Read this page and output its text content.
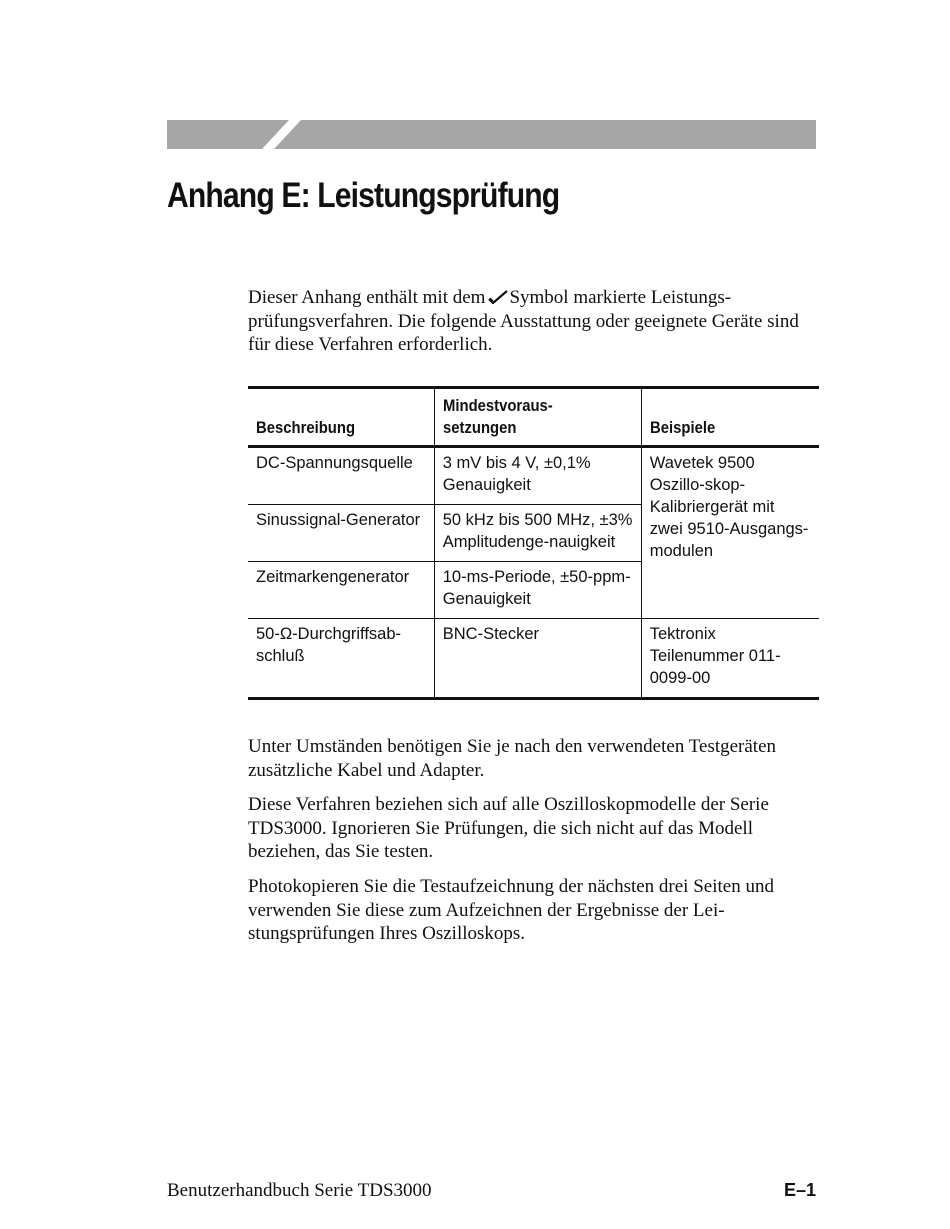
Anhang E: Leistungsprüfung

Dieser Anhang enthält mit dem Symbol markierte Leistungs-prüfungsverfahren. Die folgende Ausstattung oder geeignete Geräte sind für diese Verfahren erforderlich.

Beschreibung	Mindestvoraus-setzungen	Beispiele
DC-Spannungsquelle	3 mV bis 4 V, ±0,1% Genauigkeit	Wavetek 9500 Oszillo-skop-Kalibriergerät mit zwei 9510-Ausgangs-modulen
Sinussignal-Generator	50 kHz bis 500 MHz, ±3% Amplitudenge-nauigkeit	
Zeitmarkengenerator	10-ms-Periode, ±50-ppm-Genauigkeit	
50-Ω-Durchgriffsab-schluß	BNC-Stecker	Tektronix Teilenummer 011-0099-00

Unter Umständen benötigen Sie je nach den verwendeten Testgeräten zusätzliche Kabel und Adapter.

Diese Verfahren beziehen sich auf alle Oszilloskopmodelle der Serie TDS3000. Ignorieren Sie Prüfungen, die sich nicht auf das Modell beziehen, das Sie testen.

Photokopieren Sie die Testaufzeichnung der nächsten drei Seiten und verwenden Sie diese zum Aufzeichnen der Ergebnisse der Lei-stungsprüfungen Ihres Oszilloskops.

Benutzerhandbuch Serie TDS3000	E–1
